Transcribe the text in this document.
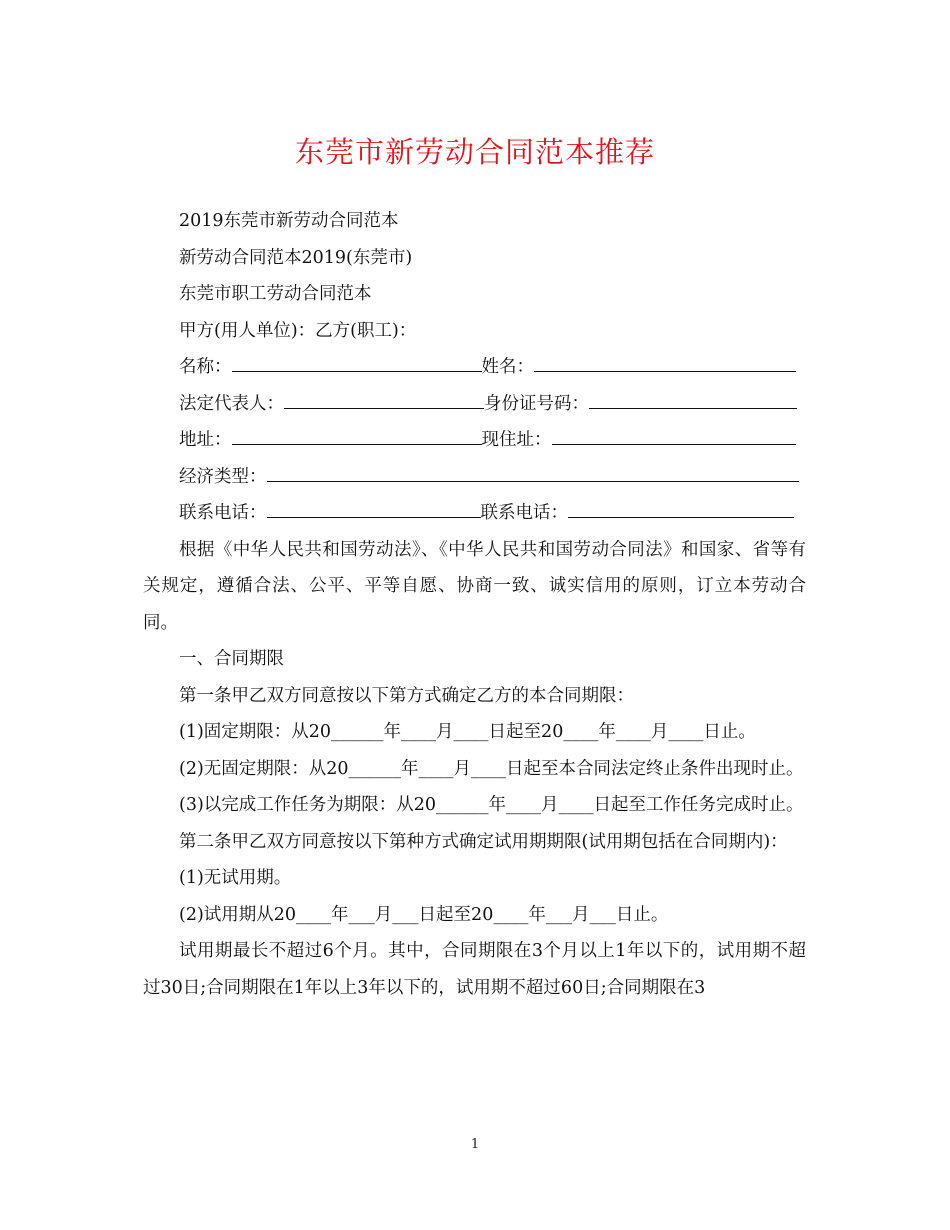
东莞市新劳动合同范本推荐

2019东莞市新劳动合同范本

新劳动合同范本2019(东莞市)

东莞市职工劳动合同范本

甲方(用人单位)：乙方(职工)：

名称：	姓名：
法定代表人：	身份证号码：
地址：	现住址：
经济类型：
联系电话：	联系电话：

根据《中华人民共和国劳动法》、《中华人民共和国劳动合同法》和国家、省等有关规定，遵循合法、公平、平等自愿、协商一致、诚实信用的原则，订立本劳动合同。

一、合同期限

第一条甲乙双方同意按以下第方式确定乙方的本合同期限：

(1)固定期限：从20______年____月____日起至20____年____月____日止。

(2)无固定期限：从20______年____月____日起至本合同法定终止条件出现时止。

(3)以完成工作任务为期限：从20______年____月____日起至工作任务完成时止。

第二条甲乙双方同意按以下第种方式确定试用期期限(试用期包括在合同期内)：

(1)无试用期。

(2)试用期从20____年___月___日起至20____年___月___日止。

试用期最长不超过6个月。其中，合同期限在3个月以上1年以下的，试用期不超过30日;合同期限在1年以上3年以下的，试用期不超过60日;合同期限在3

1
